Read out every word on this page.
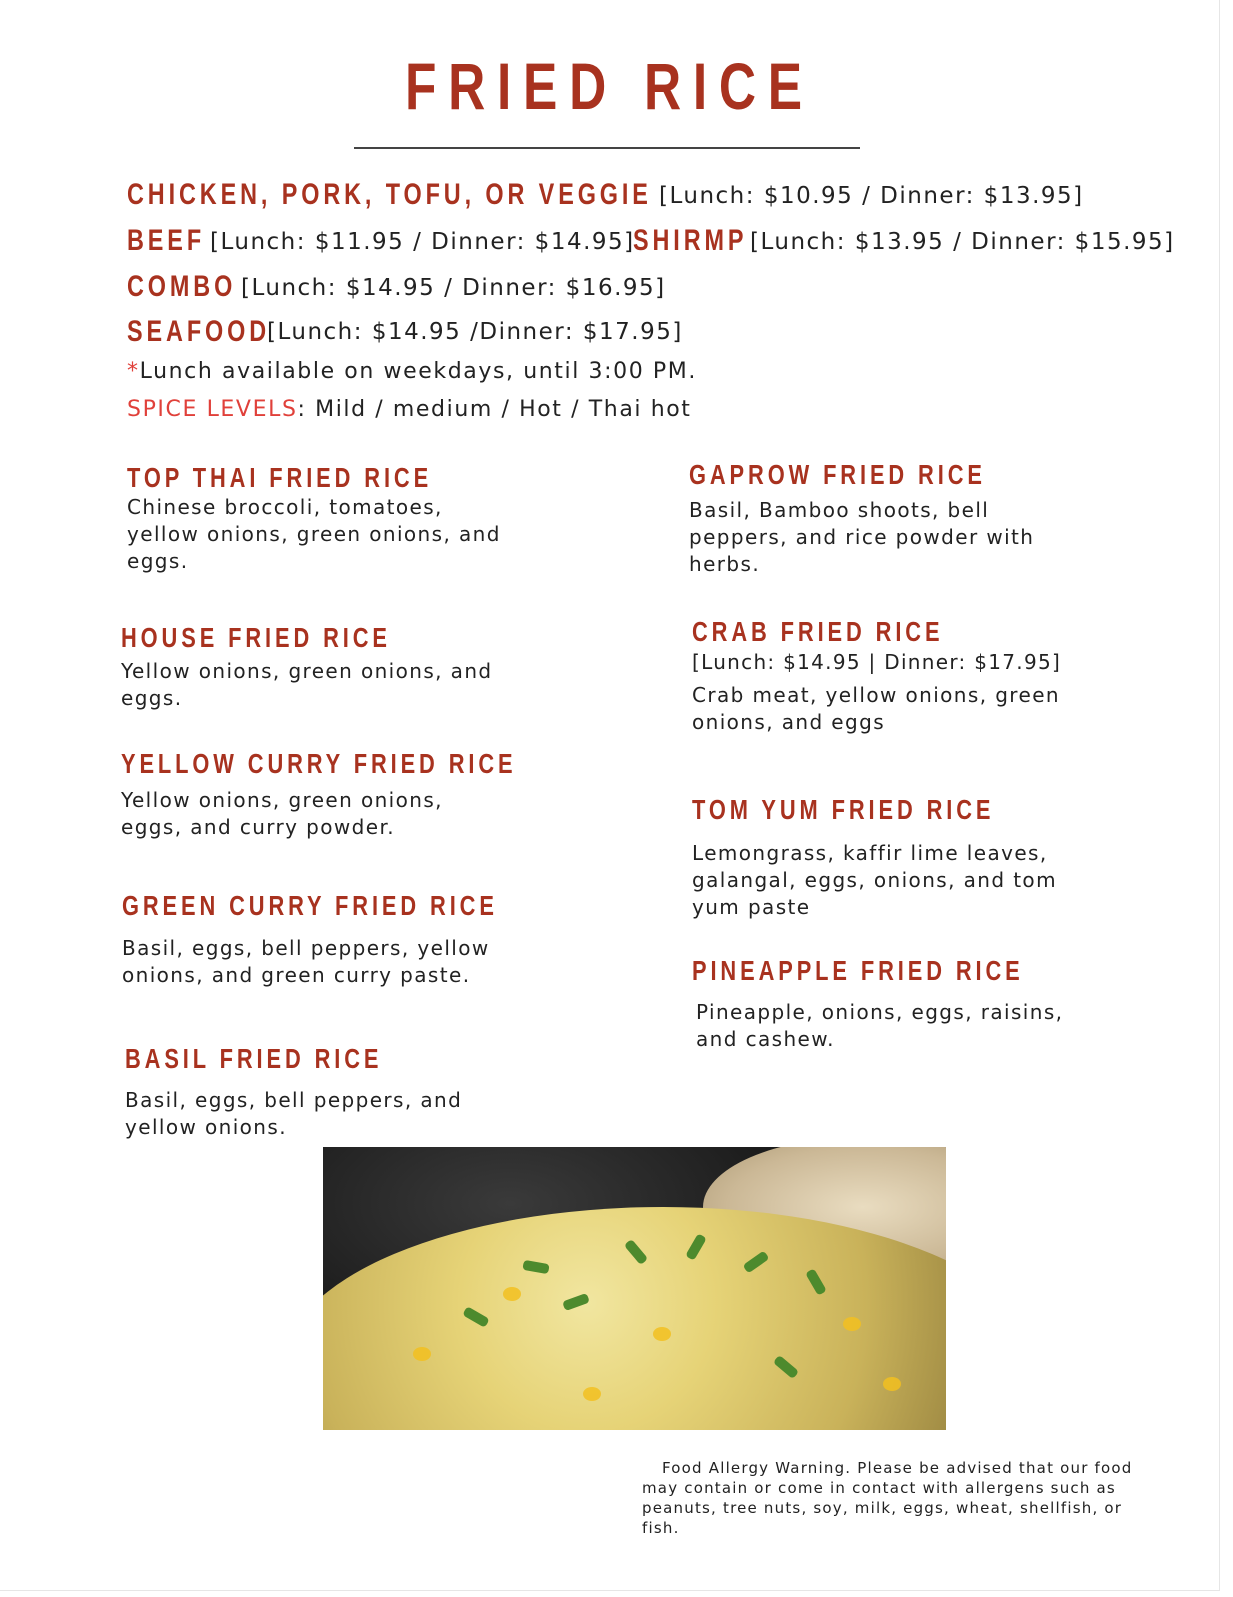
FRIED RICE
CHICKEN, PORK, TOFU, OR VEGGIE [Lunch: $10.95 / Dinner: $13.95]
BEEF [Lunch: $11.95 / Dinner: $14.95]
SHIRMP [Lunch: $13.95 / Dinner: $15.95]
COMBO [Lunch: $14.95 / Dinner: $16.95]
SEAFOOD
[Lunch: $14.95 /Dinner: $17.95]
*Lunch available on weekdays, until 3:00 PM.
SPICE LEVELS: Mild / medium / Hot / Thai hot
TOP THAI FRIED RICE
Chinese broccoli, tomatoes,
yellow onions, green onions, and
eggs.
HOUSE FRIED RICE
Yellow onions, green onions, and
eggs.
YELLOW CURRY FRIED RICE
Yellow onions, green onions,
eggs, and curry powder.
GREEN CURRY FRIED RICE
Basil, eggs, bell peppers, yellow
onions, and green curry paste.
BASIL FRIED RICE
Basil, eggs, bell peppers, and
yellow onions.
GAPROW FRIED RICE
Basil, Bamboo shoots, bell
peppers, and rice powder with
herbs.
CRAB FRIED RICE
[Lunch: $14.95 | Dinner: $17.95]
Crab meat, yellow onions, green
onions, and eggs
TOM YUM FRIED RICE
Lemongrass, kaffir lime leaves,
galangal, eggs, onions, and tom
yum paste
PINEAPPLE FRIED RICE
Pineapple, onions, eggs, raisins,
and cashew.
Food Allergy Warning. Please be advised that our food may contain or come in contact with allergens such as peanuts, tree nuts, soy, milk, eggs, wheat, shellfish, or fish.
